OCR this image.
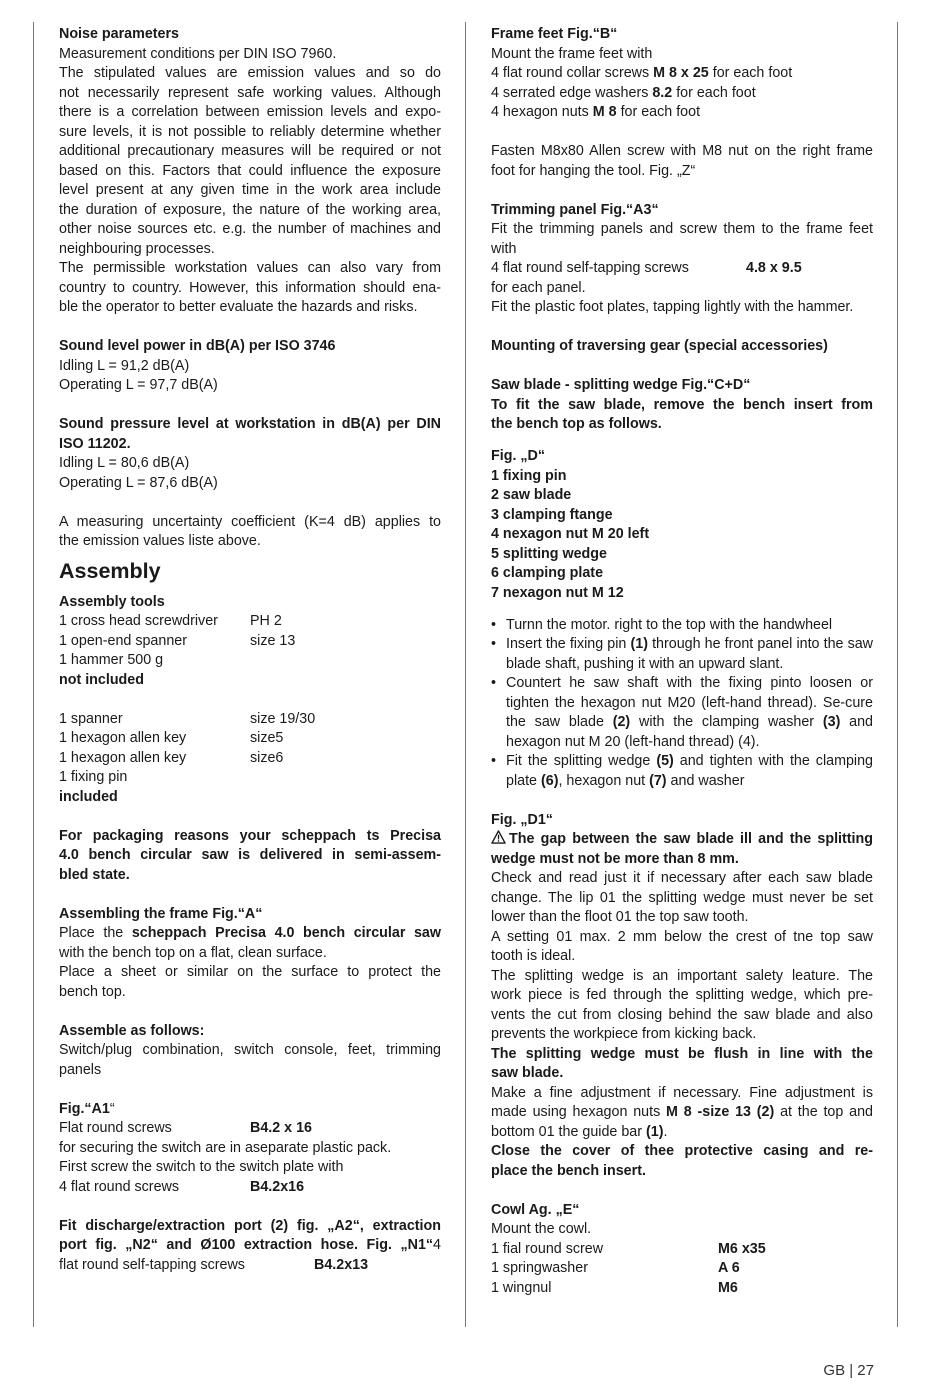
Noise parameters
Measurement conditions per DIN ISO 7960.
The stipulated values are emission values and so do
not necessarily represent safe working values. Although
there is a correlation between emission levels and expo-
sure levels, it is not possible to reliably determine whether
additional precautionary measures will be required or not
based on this. Factors that could influence the exposure
level present at any given time in the work area include
the duration of exposure, the nature of the working area,
other noise sources etc. e.g. the number of machines and
neighbouring processes.
The permissible workstation values can also vary from
country to country. However, this information should ena-
ble the operator to better evaluate the hazards and risks.
Sound level power in dB(A) per ISO 3746
Idling L = 91,2 dB(A)
Operating L = 97,7 dB(A)
Sound pressure level at workstation in dB(A) per DIN
ISO 11202.
Idling L = 80,6 dB(A)
Operating L = 87,6 dB(A)
A measuring uncertainty coefficient (K=4 dB) applies to
the emission values liste above.
Assembly
Assembly tools
1 cross head screwdriver PH 2
1 open-end spanner	size 13
1 hammer 500 g
not included
1 spanner	size 19/30
1 hexagon allen key	size5
1 hexagon allen key	size6
1 fixing pin
included
For packaging reasons your scheppach ts Precisa
4.0 bench circular saw is delivered in semi-assem-
bled state.
Assembling the frame Fig.“A“
Place the scheppach Precisa 4.0 bench circular saw
with the bench top on a flat, clean surface.
Place a sheet or similar on the surface to protect the
bench top.
Assemble as follows:
Switch/plug combination, switch console, feet, trimming
panels
Fig.“A1“
Flat round screws	B4.2 x 16
for securing the switch are in aseparate plastic pack.
First screw the switch to the switch plate with
4 flat round screws	B4.2x16
Fit discharge/extraction port (2) fig. „A2“, extraction
port fig. „N2“ and Ø100 extraction hose. Fig. „N1“4
flat round self-tapping screws	B4.2x13
Frame feet Fig.“B“
Mount the frame feet with
4 flat round collar screws M 8 x 25 for each foot
4 serrated edge washers 8.2 for each foot
4 hexagon nuts M 8 for each foot
Fasten M8x80 Allen screw with M8 nut on the right frame
foot for hanging the tool. Fig. „Z“
Trimming panel Fig.“A3“
Fit the trimming panels and screw them to the frame feet
with
4 flat round self-tapping screws	4.8 x 9.5
for each panel.
Fit the plastic foot plates, tapping lightly with the hammer.
Mounting of traversing gear (special accessories)
Saw blade - splitting wedge Fig.“C+D“
To fit the saw blade, remove the bench insert from
the bench top as follows.
Fig. „D“
1 fixing pin
2 saw blade
3 clamping ftange
4 nexagon nut M 20 left
5 splitting wedge
6 clamping plate
7 nexagon nut M 12
• Turnn the motor. right to the top with the handwheel
• Insert the fixing pin (1) through he front panel into the saw blade shaft, pushing it with an upward slant.
• Countert he saw shaft with the fixing pinto loosen or tighten the hexagon nut M20 (left-hand thread). Se-cure the saw blade (2) with the clamping washer (3) and hexagon nut M 20 (left-hand thread) (4).
• Fit the splitting wedge (5) and tighten with the clamping plate (6), hexagon nut (7) and washer
Fig. „D1“
The gap between the saw blade ill and the splitting
wedge must not be more than 8 mm.
Check and read just it if necessary after each saw blade
change. The lip 01 the splitting wedge must never be set
lower than the floot 01 the top saw tooth.
A setting 01 max. 2 mm below the crest of tne top saw
tooth is ideal.
The splitting wedge is an important salety leature. The
work piece is fed through the splitting wedge, which pre-
vents the cut from closing behind the saw blade and also
prevents the workpiece from kicking back.
The splitting wedge must be flush in line with the
saw blade.
Make a fine adjustment if necessary. Fine adjustment is
made using hexagon nuts M 8 -size 13 (2) at the top and
bottom 01 the guide bar (1).
Close the cover of thee protective casing and re-
place the bench insert.
Cowl Ag. „E“
Mount the cowl.
1 fial round screw	M6 x35
1 springwasher	A 6
1 wingnul	M6
GB | 27
